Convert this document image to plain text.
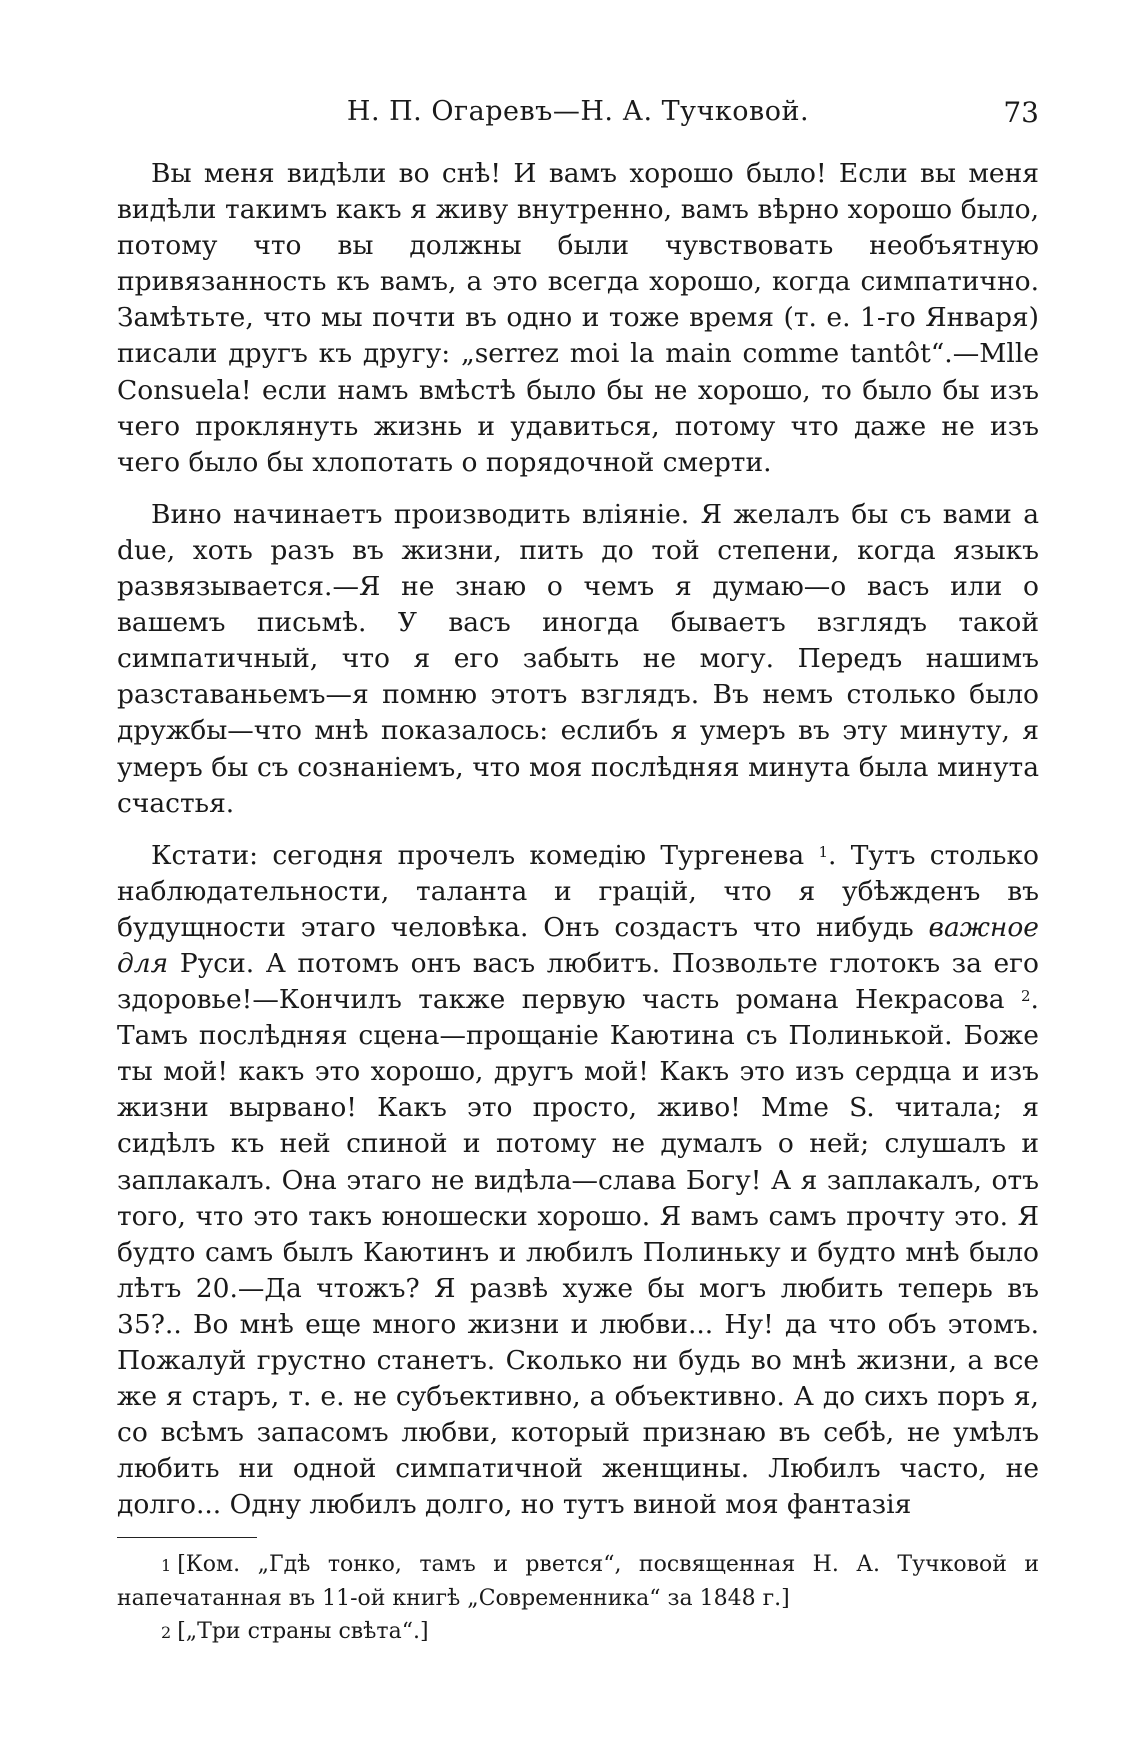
Н. П. Огаревъ—Н. А. Тучковой.	73

Вы меня видѣли во снѣ! И вамъ хорошо было! Если вы меня видѣли такимъ какъ я живу внутренно, вамъ вѣрно хорошо было, потому что вы должны были чувствовать необъятную привязанность къ вамъ, а это всегда хорошо, когда симпатично. Замѣтьте, что мы почти въ одно и тоже время (т. е. 1-го Января) писали другъ къ другу: „serrez moi la main comme tantôt“.—Mlle Consuela! если намъ вмѣстѣ было бы не хорошо, то было бы изъ чего проклянуть жизнь и удавиться, потому что даже не изъ чего было бы хлопотать о порядочной смерти.

Вино начинаетъ производить влiянiе. Я желалъ бы съ вами a due, хоть разъ въ жизни, пить до той степени, когда языкъ развязывается.—Я не знаю о чемъ я думаю—о васъ или о вашемъ письмѣ. У васъ иногда бываетъ взглядъ такой симпатичный, что я его забыть не могу. Передъ нашимъ разставаньемъ—я помню этотъ взглядъ. Въ немъ столько было дружбы—что мнѣ показалось: еслибъ я умеръ въ эту минуту, я умеръ бы съ сознанiемъ, что моя послѣдняя минута была минута счастья.

Кстати: сегодня прочелъ комедiю Тургенева $^1$. Тутъ столько наблюдательности, таланта и грацiй, что я убѣжденъ въ будущности этаго человѣка. Онъ создастъ что нибудь важное для Руси. А потомъ онъ васъ любитъ. Позвольте глотокъ за его здоровье!—Кончилъ также первую часть романа Некрасова $^2$. Тамъ послѣдняя сцена—прощанiе Каютина съ Полинькой. Боже ты мой! какъ это хорошо, другъ мой! Какъ это изъ сердца и изъ жизни вырвано! Какъ это просто, живо! Mme S. читала; я сидѣлъ къ ней спиной и потому не думалъ о ней; слушалъ и заплакалъ. Она этаго не видѣла—слава Богу! А я заплакалъ, отъ того, что это такъ юношески хорошо. Я вамъ самъ прочту это. Я будто самъ былъ Каютинъ и любилъ Полиньку и будто мнѣ было лѣтъ 20.—Да чтожъ? Я развѣ хуже бы могъ любить теперь въ 35?.. Во мнѣ еще много жизни и любви... Ну! да что объ этомъ. Пожалуй грустно станетъ. Сколько ни будь во мнѣ жизни, а все же я старъ, т. е. не субъективно, а объективно. А до сихъ поръ я, со всѣмъ запасомъ любви, который признаю въ себѣ, не умѣлъ любить ни одной симпатичной женщины. Любилъ часто, не долго... Одну любилъ долго, но тутъ виной моя фантазiя

1 [Ком. „Гдѣ тонко, тамъ и рвется“, посвященная Н. А. Тучковой и напечатанная въ 11-ой книгѣ „Современника“ за 1848 г.]

2 [„Три страны свѣта“.]
